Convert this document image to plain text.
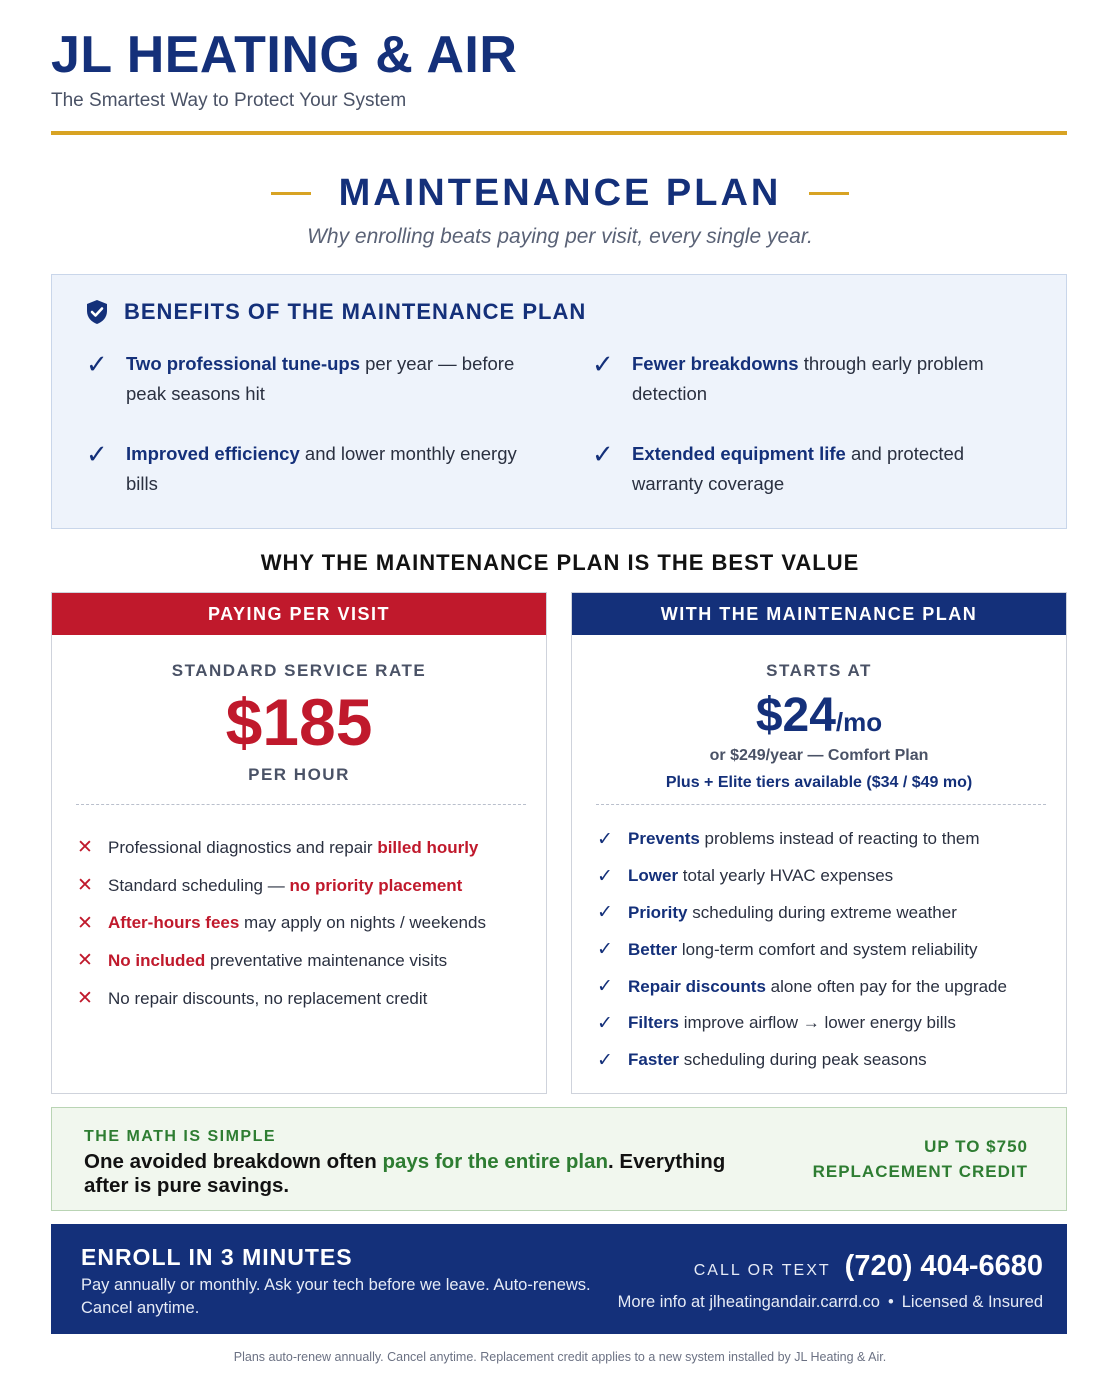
JL HEATING & AIR
The Smartest Way to Protect Your System
MAINTENANCE PLAN
Why enrolling beats paying per visit, every single year.
BENEFITS OF THE MAINTENANCE PLAN
✓ Two professional tune-ups per year — before peak seasons hit
✓ Fewer breakdowns through early problem detection
✓ Improved efficiency and lower monthly energy bills
✓ Extended equipment life and protected warranty coverage
WHY THE MAINTENANCE PLAN IS THE BEST VALUE
PAYING PER VISIT
STANDARD SERVICE RATE
$185
PER HOUR
✕ Professional diagnostics and repair billed hourly
✕ Standard scheduling — no priority placement
✕ After-hours fees may apply on nights / weekends
✕ No included preventative maintenance visits
✕ No repair discounts, no replacement credit
WITH THE MAINTENANCE PLAN
STARTS AT
$24/mo
or $249/year — Comfort Plan
Plus + Elite tiers available ($34 / $49 mo)
✓ Prevents problems instead of reacting to them
✓ Lower total yearly HVAC expenses
✓ Priority scheduling during extreme weather
✓ Better long-term comfort and system reliability
✓ Repair discounts alone often pay for the upgrade
✓ Filters improve airflow → lower energy bills
✓ Faster scheduling during peak seasons
THE MATH IS SIMPLE
One avoided breakdown often pays for the entire plan. Everything after is pure savings.
UP TO $750
REPLACEMENT CREDIT
ENROLL IN 3 MINUTES
Pay annually or monthly. Ask your tech before we leave. Auto-renews. Cancel anytime.
CALL OR TEXT (720) 404-6680
More info at jlheatingandair.carrd.co • Licensed & Insured
Plans auto-renew annually. Cancel anytime. Replacement credit applies to a new system installed by JL Heating & Air.
